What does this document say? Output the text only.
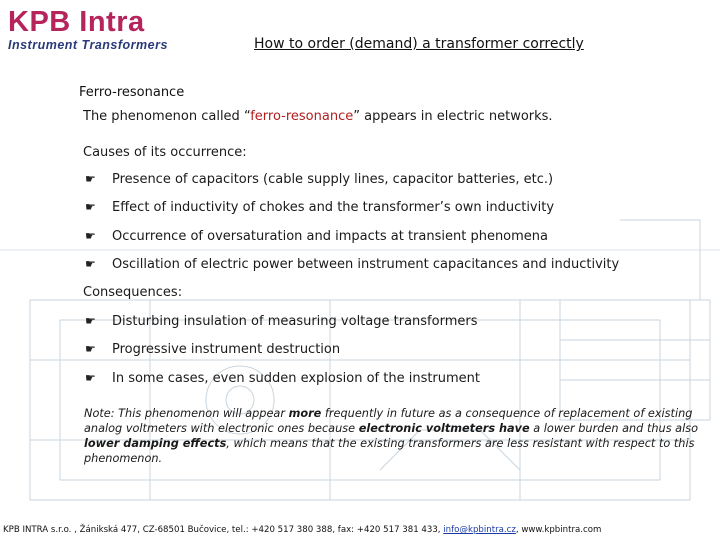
KPB Intra
Instrument Transformers	How to order (demand) a transformer correctly
Ferro-resonance
The phenomenon called “ferro-resonance” appears in electric networks.
Causes of its occurrence:
☛ Presence of capacitors (cable supply lines, capacitor batteries, etc.)
☛ Effect of inductivity of chokes and the transformer’s own inductivity
☛ Occurrence of oversaturation and impacts at transient phenomena
☛ Oscillation of electric power between instrument capacitances and inductivity
Consequences:
☛ Disturbing insulation of measuring voltage transformers
☛ Progressive instrument destruction
☛ In some cases, even sudden explosion of the instrument
Note: This phenomenon will appear more frequently in future as a consequence of replacement of existing analog voltmeters with electronic ones because electronic voltmeters have a lower burden and thus also lower damping effects, which means that the existing transformers are less resistant with respect to this phenomenon.
KPB INTRA s.r.o. , Žánikská 477, CZ-68501 Bučovice, tel.: +420 517 380 388, fax: +420 517 381 433, info@kpbintra.cz, www.kpbintra.com
